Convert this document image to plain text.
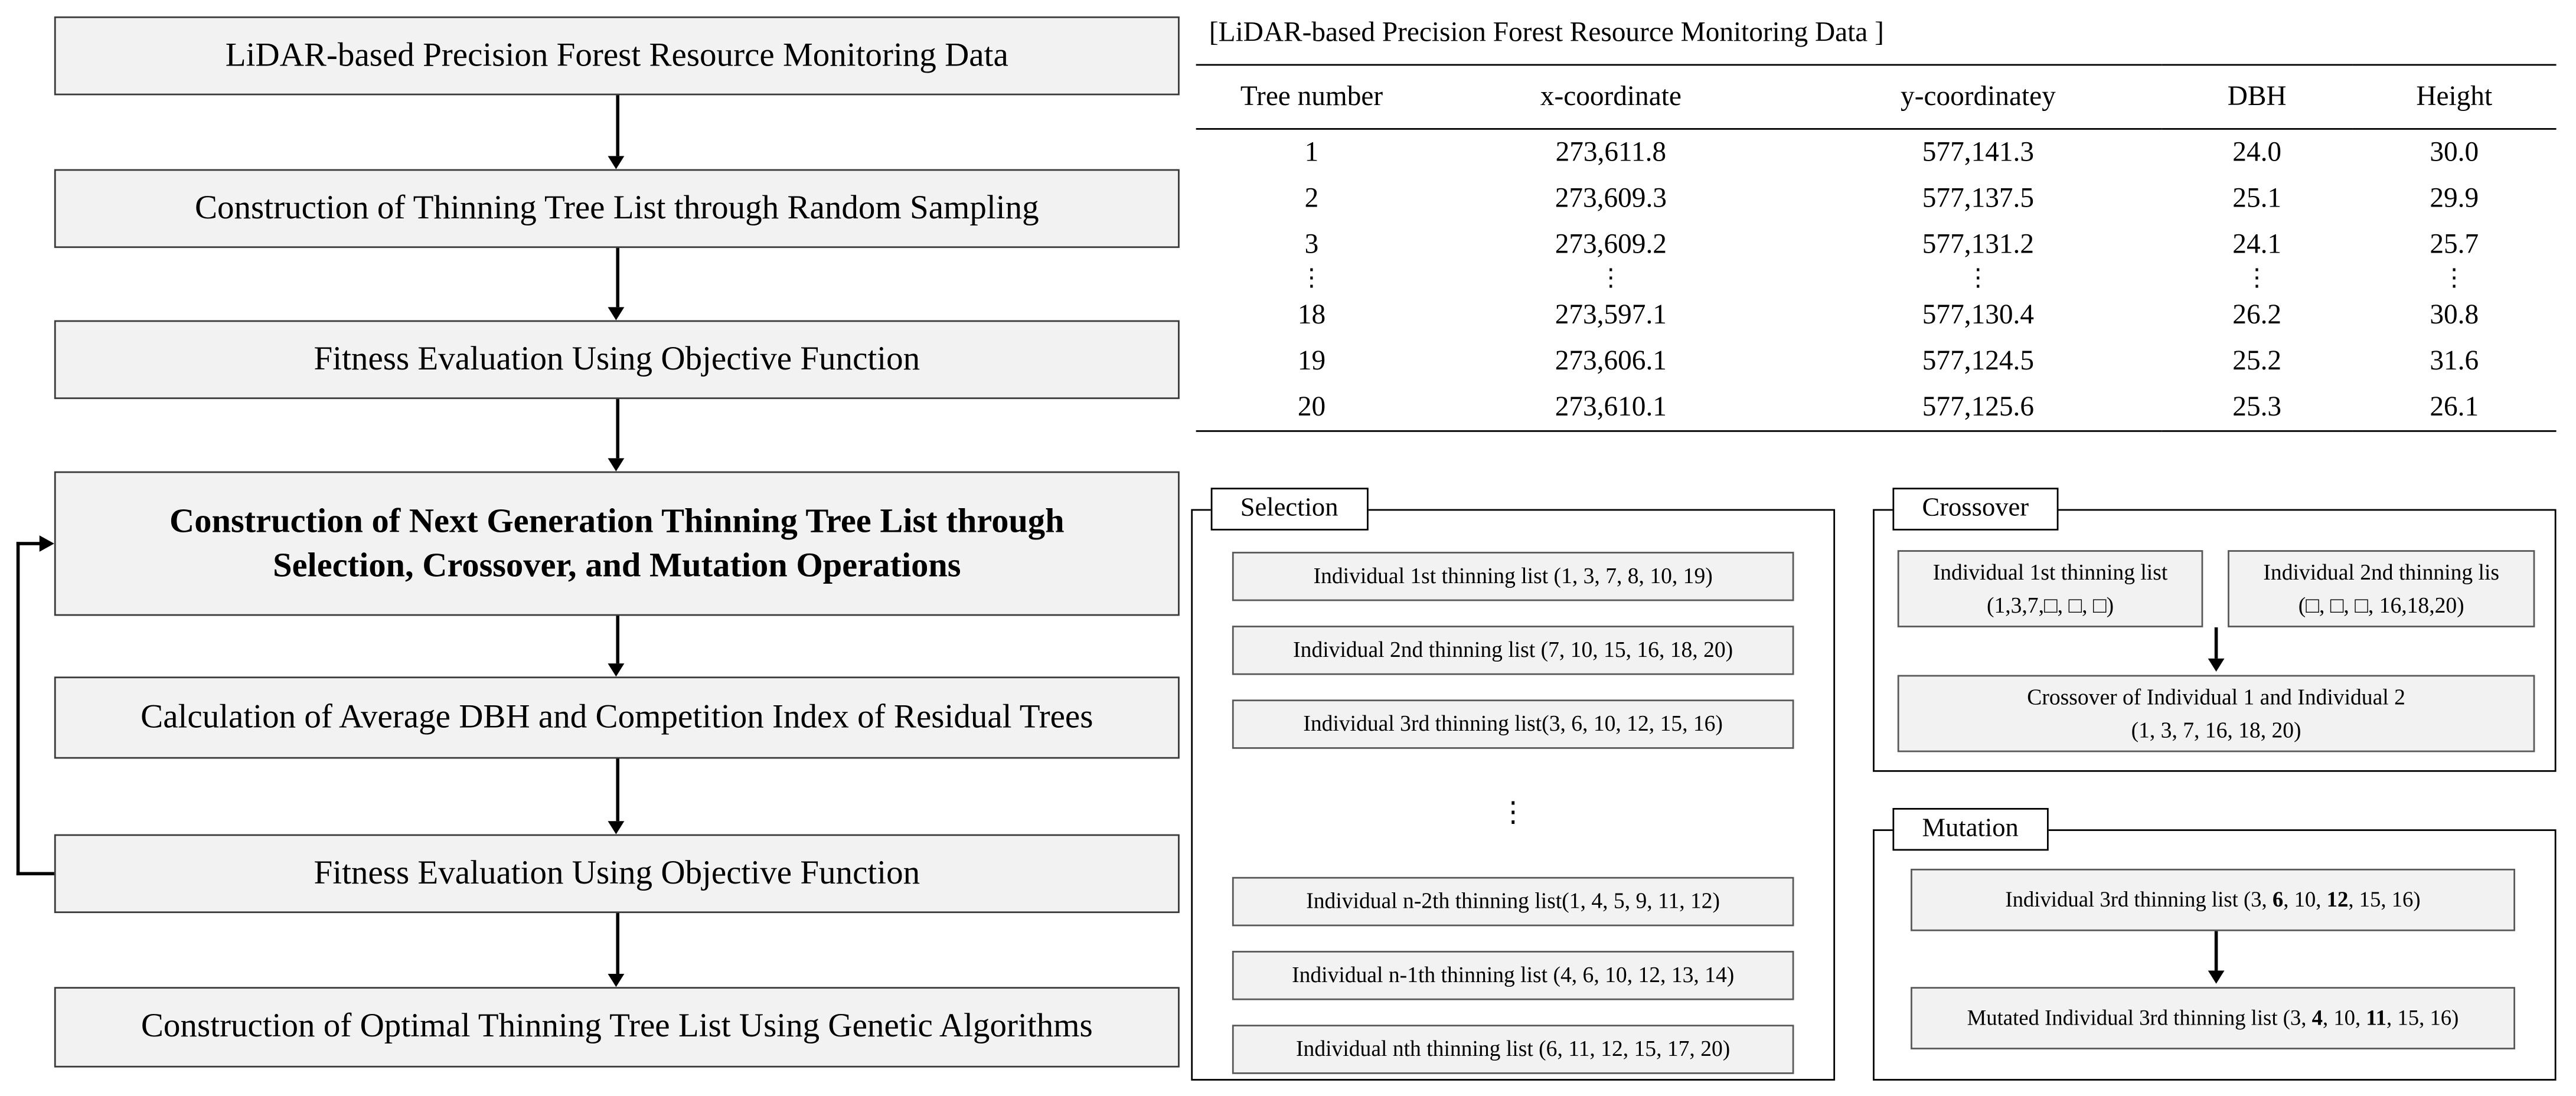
LiDAR-based Precision Forest Resource Monitoring Data
Construction of Thinning Tree List through Random Sampling
Fitness Evaluation Using Objective Function
Construction of Next Generation Thinning Tree List through
Selection, Crossover, and Mutation Operations
Calculation of Average DBH and Competition Index of Residual Trees
Fitness Evaluation Using Objective Function
Construction of Optimal Thinning Tree List Using Genetic Algorithms
[LiDAR-based Precision Forest Resource Monitoring Data ]
Tree number	x-coordinate	y-coordinatey	DBH	Height
1	273,611.8	577,141.3	24.0	30.0
2	273,609.3	577,137.5	25.1	29.9
3	273,609.2	577,131.2	24.1	25.7
⋮	⋮	⋮	⋮	⋮
18	273,597.1	577,130.4	26.2	30.8
19	273,606.1	577,124.5	25.2	31.6
20	273,610.1	577,125.6	25.3	26.1
Selection
Individual 1st thinning list (1, 3, 7, 8, 10, 19)
Individual 2nd thinning list (7, 10, 15, 16, 18, 20)
Individual 3rd thinning list(3, 6, 10, 12, 15, 16)
⋮
Individual n-2th thinning list(1, 4, 5, 9, 11, 12)
Individual n-1th thinning list (4, 6, 10, 12, 13, 14)
Individual nth thinning list (6, 11, 12, 15, 17, 20)
Crossover
Individual 1st thinning list
(1,3,7,□, □, □)
Individual 2nd thinning lis
(□, □, □, 16,18,20)
Crossover of Individual 1 and Individual 2
(1, 3, 7, 16, 18, 20)
Mutation
Individual 3rd thinning list (3, 6, 10, 12, 15, 16)
Mutated Individual 3rd thinning list (3, 4, 10, 11, 15, 16)
